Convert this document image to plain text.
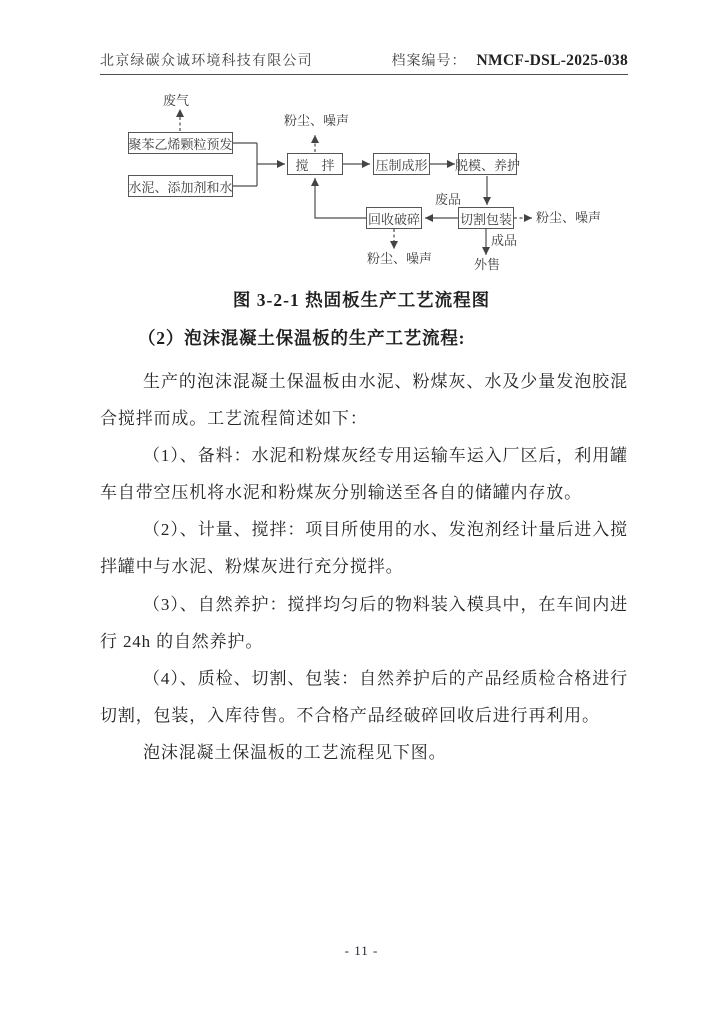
北京绿碳众诚环境科技有限公司	档案编号： NMCF-DSL-2025-038
聚苯乙烯颗粒预发
水泥、添加剂和水
搅　拌	压制成形 脱模、养护
回收破碎	切割包装
废气
粉尘、噪声
粉尘、噪声
粉尘、噪声
废品
成品
外售
图 3-2-1 热固板生产工艺流程图
（2）泡沫混凝土保温板的生产工艺流程:

生产的泡沫混凝土保温板由水泥、粉煤灰、水及少量发泡胶混合搅拌而成。工艺流程简述如下：

（1）、备料：水泥和粉煤灰经专用运输车运入厂区后，利用罐车自带空压机将水泥和粉煤灰分别输送至各自的储罐内存放。

（2）、计量、搅拌：项目所使用的水、发泡剂经计量后进入搅拌罐中与水泥、粉煤灰进行充分搅拌。

（3）、自然养护：搅拌均匀后的物料装入模具中，在车间内进行 24h 的自然养护。

（4）、质检、切割、包装：自然养护后的产品经质检合格进行切割，包装，入库待售。不合格产品经破碎回收后进行再利用。

泡沫混凝土保温板的工艺流程见下图。

- 11 -
